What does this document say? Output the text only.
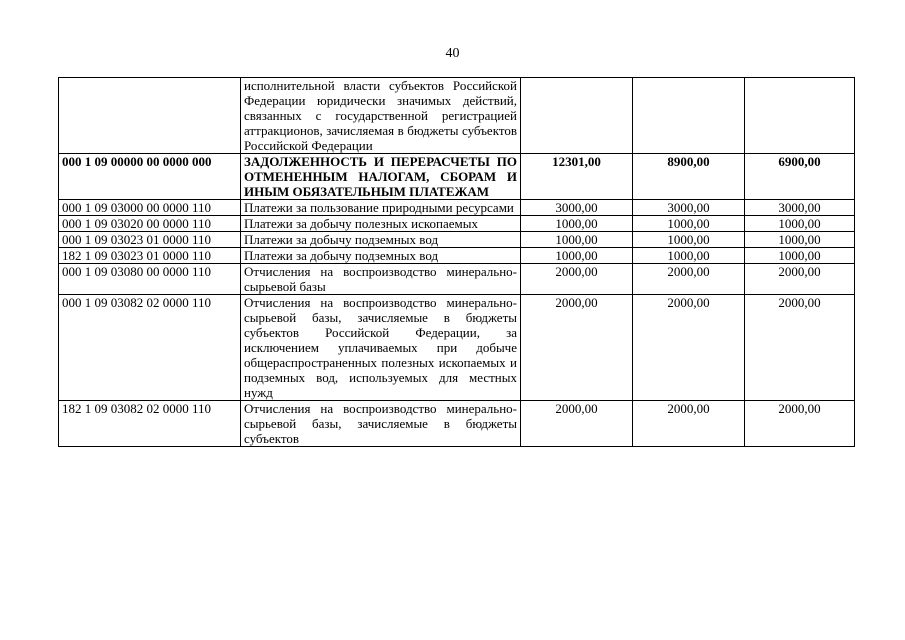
40
	исполнительной власти субъектов Российской Федерации юридически значимых действий, связанных с государственной регистрацией аттракционов, зачисляемая в бюджеты субъектов Российской Федерации			
000 1 09 00000 00 0000 000	ЗАДОЛЖЕННОСТЬ И ПЕРЕРАСЧЕТЫ ПО ОТМЕНЕННЫМ НАЛОГАМ, СБОРАМ И ИНЫМ ОБЯЗАТЕЛЬНЫМ ПЛАТЕЖАМ	12301,00	8900,00	6900,00
000 1 09 03000 00 0000 110	Платежи за пользование природными ресурсами	3000,00	3000,00	3000,00
000 1 09 03020 00 0000 110	Платежи за добычу полезных ископаемых	1000,00	1000,00	1000,00
000 1 09 03023 01 0000 110	Платежи за добычу подземных вод	1000,00	1000,00	1000,00
182 1 09 03023 01 0000 110	Платежи за добычу подземных вод	1000,00	1000,00	1000,00
000 1 09 03080 00 0000 110	Отчисления на воспроизводство минерально-сырьевой базы	2000,00	2000,00	2000,00
000 1 09 03082 02 0000 110	Отчисления на воспроизводство минерально-сырьевой базы, зачисляемые в бюджеты субъектов Российской Федерации, за исключением уплачиваемых при добыче общераспространенных полезных ископаемых и подземных вод, используемых для местных нужд	2000,00	2000,00	2000,00
182 1 09 03082 02 0000 110	Отчисления на воспроизводство минерально-сырьевой базы, зачисляемые в бюджеты субъектов	2000,00	2000,00	2000,00
